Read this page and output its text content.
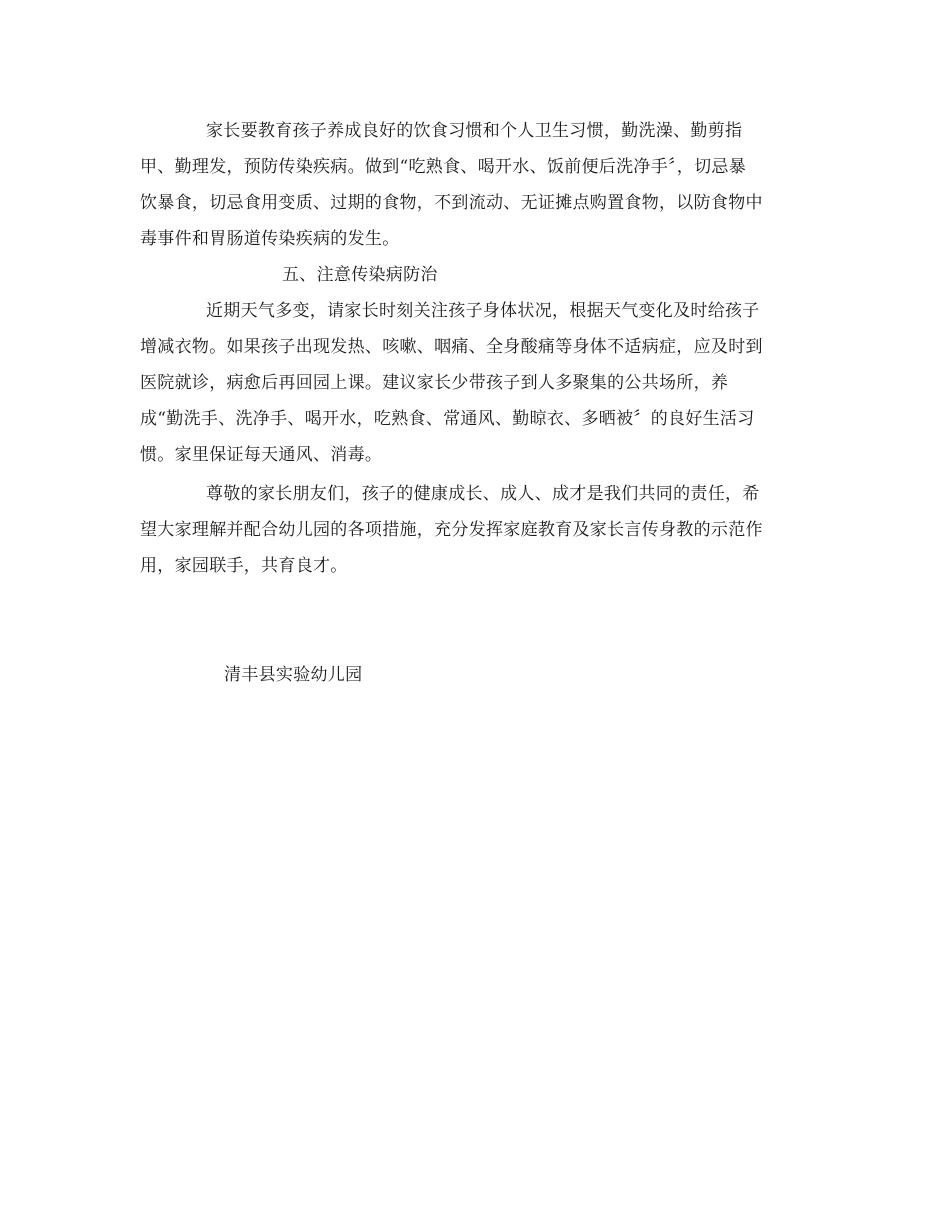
家长要教育孩子养成良好的饮食习惯和个人卫生习惯，勤洗澡、勤剪指
甲、勤理发，预防传染疾病。做到“吃熟食、喝开水、饭前便后洗净手〞，切忌暴
饮暴食，切忌食用变质、过期的食物，不到流动、无证摊点购置食物，以防食物中
毒事件和胃肠道传染疾病的发生。
五、注意传染病防治
近期天气多变，请家长时刻关注孩子身体状况，根据天气变化及时给孩子
增减衣物。如果孩子出现发热、咳嗽、咽痛、全身酸痛等身体不适病症，应及时到
医院就诊，病愈后再回园上课。建议家长少带孩子到人多聚集的公共场所，养
成“勤洗手、洗净手、喝开水，吃熟食、常通风、勤晾衣、多晒被〞的良好生活习
惯。家里保证每天通风、消毒。
尊敬的家长朋友们，孩子的健康成长、成人、成才是我们共同的责任，希
望大家理解并配合幼儿园的各项措施，充分发挥家庭教育及家长言传身教的示范作
用，家园联手，共育良才。
清丰县实验幼儿园
